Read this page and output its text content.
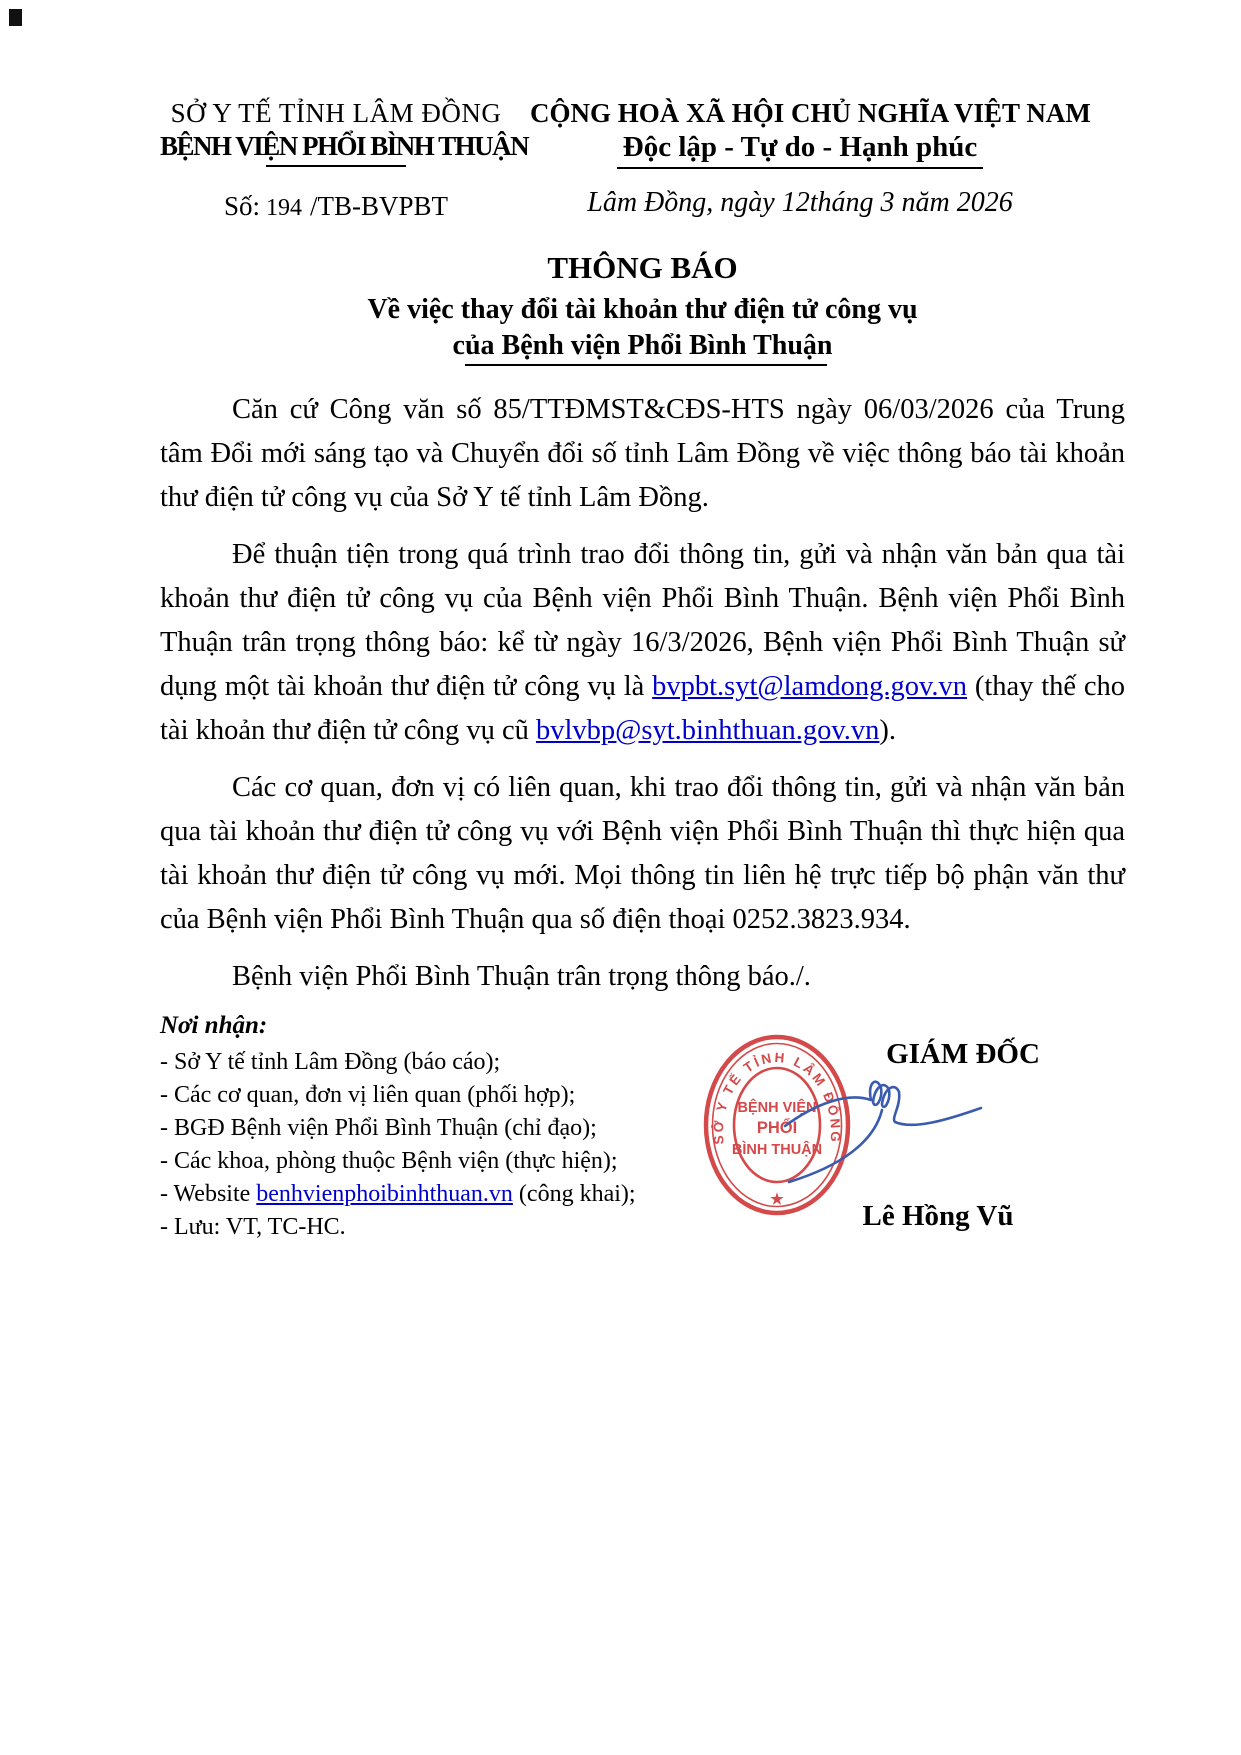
SỞ Y TẾ TỈNH LÂM ĐỒNG
BỆNH VIỆN PHỔI BÌNH THUẬN
Số: 194 /TB-BVPBT
CỘNG HOÀ XÃ HỘI CHỦ NGHĨA VIỆT NAM
Độc lập - Tự do - Hạnh phúc
Lâm Đồng, ngày 12tháng 3 năm 2026
THÔNG BÁO
Về việc thay đổi tài khoản thư điện tử công vụ
của Bệnh viện Phổi Bình Thuận

Căn cứ Công văn số 85/TTĐMST&CĐS-HTS ngày 06/03/2026 của Trung tâm Đổi mới sáng tạo và Chuyển đổi số tỉnh Lâm Đồng về việc thông báo tài khoản thư điện tử công vụ của Sở Y tế tỉnh Lâm Đồng.

Để thuận tiện trong quá trình trao đổi thông tin, gửi và nhận văn bản qua tài khoản thư điện tử công vụ của Bệnh viện Phổi Bình Thuận. Bệnh viện Phổi Bình Thuận trân trọng thông báo: kể từ ngày 16/3/2026, Bệnh viện Phổi Bình Thuận sử dụng một tài khoản thư điện tử công vụ là bvpbt.syt@lamdong.gov.vn (thay thế cho tài khoản thư điện tử công vụ cũ bvlvbp@syt.binhthuan.gov.vn).

Các cơ quan, đơn vị có liên quan, khi trao đổi thông tin, gửi và nhận văn bản qua tài khoản thư điện tử công vụ với Bệnh viện Phổi Bình Thuận thì thực hiện qua tài khoản thư điện tử công vụ mới. Mọi thông tin liên hệ trực tiếp bộ phận văn thư của Bệnh viện Phổi Bình Thuận qua số điện thoại 0252.3823.934.

Bệnh viện Phổi Bình Thuận trân trọng thông báo./.

Nơi nhận:
- Sở Y tế tỉnh Lâm Đồng (báo cáo);
- Các cơ quan, đơn vị liên quan (phối hợp);
- BGĐ Bệnh viện Phổi Bình Thuận (chỉ đạo);
- Các khoa, phòng thuộc Bệnh viện (thực hiện);
- Website benhvienphoibinhthuan.vn (công khai);
- Lưu: VT, TC-HC.
GIÁM ĐỐC
SỞ Y TẾ TỈNH LÂM ĐỒNG
BỆNH VIỆN
PHỔI
BÌNH THUẬN
★
Lê Hồng Vũ
